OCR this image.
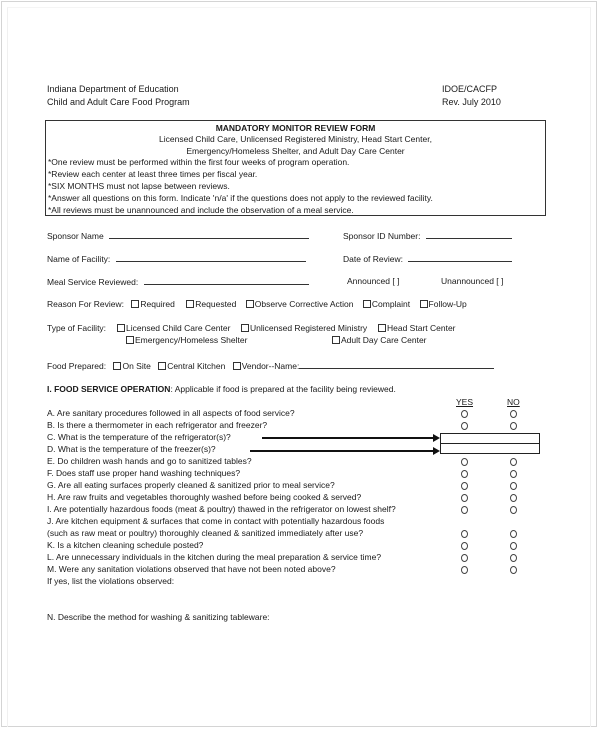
Indiana Department of Education
Child and Adult Care Food Program
IDOE/CACFP
Rev. July 2010
MANDATORY MONITOR REVIEW FORM
Licensed Child Care, Unlicensed Registered Ministry, Head Start Center,
Emergency/Homeless Shelter, and Adult Day Care Center
*One review must be performed within the first four weeks of program operation.
*Review each center at least three times per fiscal year.
*SIX MONTHS must not lapse between reviews.
*Answer all questions on this form. Indicate 'n/a' if the questions does not apply to the reviewed facility.
*All reviews must be unannounced and include the observation of a meal service.
Sponsor Name	Sponsor ID Number:
Name of Facility:	Date of Review:
Meal Service Reviewed:	Announced [ ]	Unannounced [ ]
Reason For Review: Required Requested Observe Corrective Action Complaint Follow-Up
Type of Facility:	Licensed Child Care Center	Unlicensed Registered Ministry	Head Start Center
Emergency/Homeless Shelter	Adult Day Care Center
Food Prepared: On Site Central Kitchen Vendor--Name:
I. FOOD SERVICE OPERATION: Applicable if food is prepared at the facility being reviewed.
YES	NO
A. Are sanitary procedures followed in all aspects of food service?
B. Is there a thermometer in each refrigerator and freezer?
C. What is the temperature of the refrigerator(s)?
D. What is the temperature of the freezer(s)?
E. Do children wash hands and go to sanitized tables?
F. Does staff use proper hand washing techniques?
G. Are all eating surfaces properly cleaned & sanitized prior to meal service?
H. Are raw fruits and vegetables thoroughly washed before being cooked & served?
I. Are potentially hazardous foods (meat & poultry) thawed in the refrigerator on lowest shelf?
J. Are kitchen equipment & surfaces that come in contact with potentially hazardous foods
(such as raw meat or poultry) thoroughly cleaned & sanitized immediately after use?
K. Is a kitchen cleaning schedule posted?
L. Are unnecessary individuals in the kitchen during the meal preparation & service time?
M. Were any sanitation violations observed that have not been noted above?
If yes, list the violations observed:
N. Describe the method for washing & sanitizing tableware:
